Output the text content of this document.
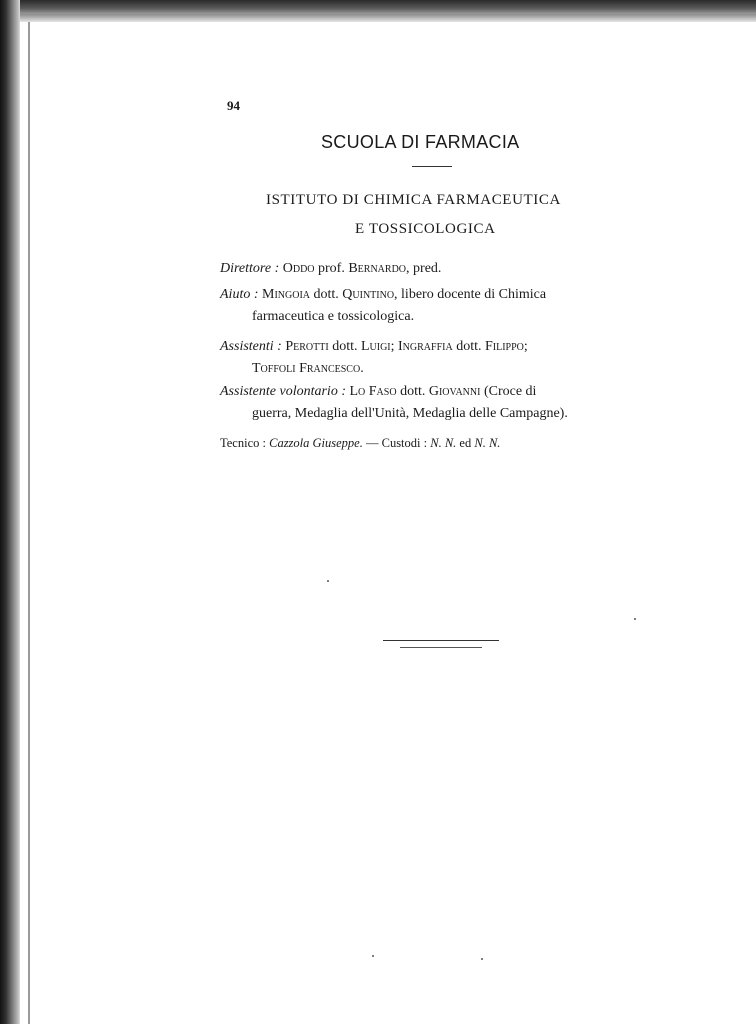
94
SCUOLA DI FARMACIA
ISTITUTO DI CHIMICA FARMACEUTICA
E TOSSICOLOGICA
Direttore : Oddo prof. Bernardo, pred.
Aiuto : Mingoia dott. Quintino, libero docente di Chimica
farmaceutica e tossicologica.
Assistenti : Perotti dott. Luigi; Ingraffia dott. Filippo;
Toffoli Francesco.
Assistente volontario : Lo Faso dott. Giovanni (Croce di
guerra, Medaglia dell'Unità, Medaglia delle Campagne).
Tecnico : Cazzola Giuseppe. — Custodi : N. N. ed N. N.
